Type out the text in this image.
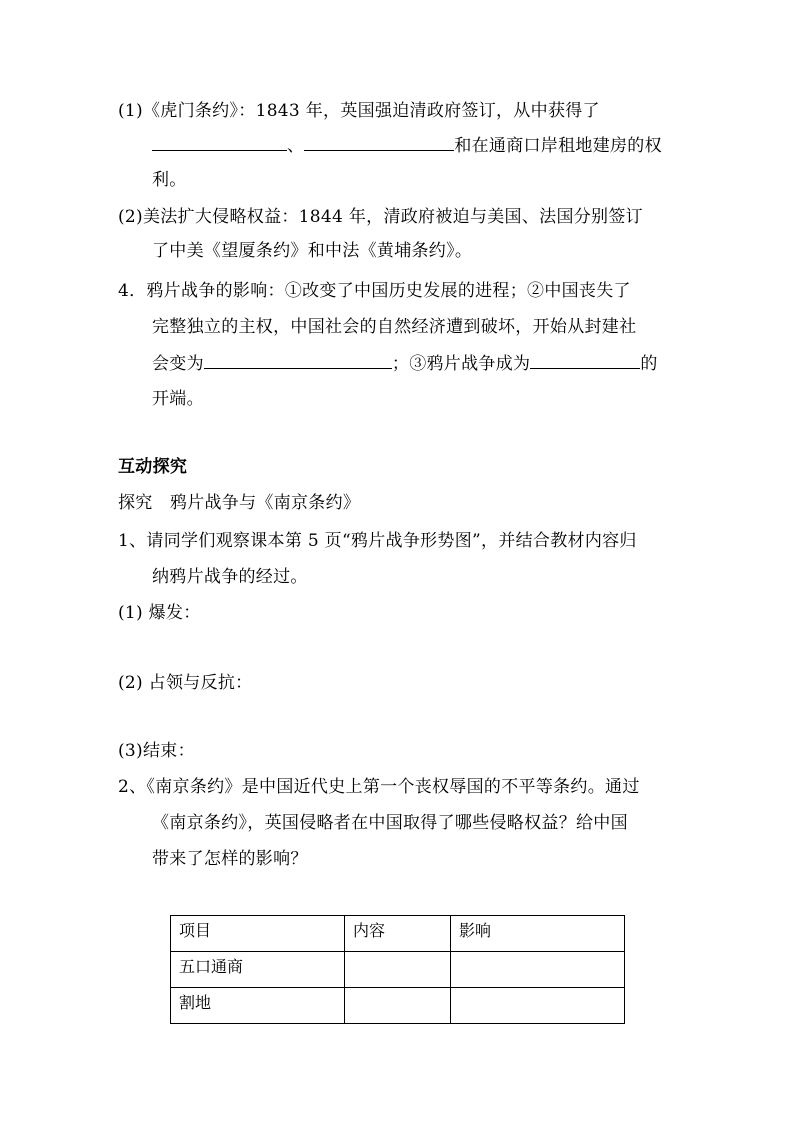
(1)《虎门条约》：1843 年，英国强迫清政府签订，从中获得了
、	和在通商口岸租地建房的权
利。
(2)美法扩大侵略权益：1844 年，清政府被迫与美国、法国分别签订
了中美《望厦条约》和中法《黄埔条约》。
4．鸦片战争的影响：①改变了中国历史发展的进程；②中国丧失了
完整独立的主权，中国社会的自然经济遭到破坏，开始从封建社
会变为	；③鸦片战争成为	的
开端。
互动探究
探究　鸦片战争与《南京条约》
1、请同学们观察课本第 5 页“鸦片战争形势图”，并结合教材内容归
纳鸦片战争的经过。
(1) 爆发：
(2) 占领与反抗：
(3)结束：
2、《南京条约》是中国近代史上第一个丧权辱国的不平等条约。通过
《南京条约》，英国侵略者在中国取得了哪些侵略权益？给中国
带来了怎样的影响？
项目	内容	影响
五口通商		
割地		
